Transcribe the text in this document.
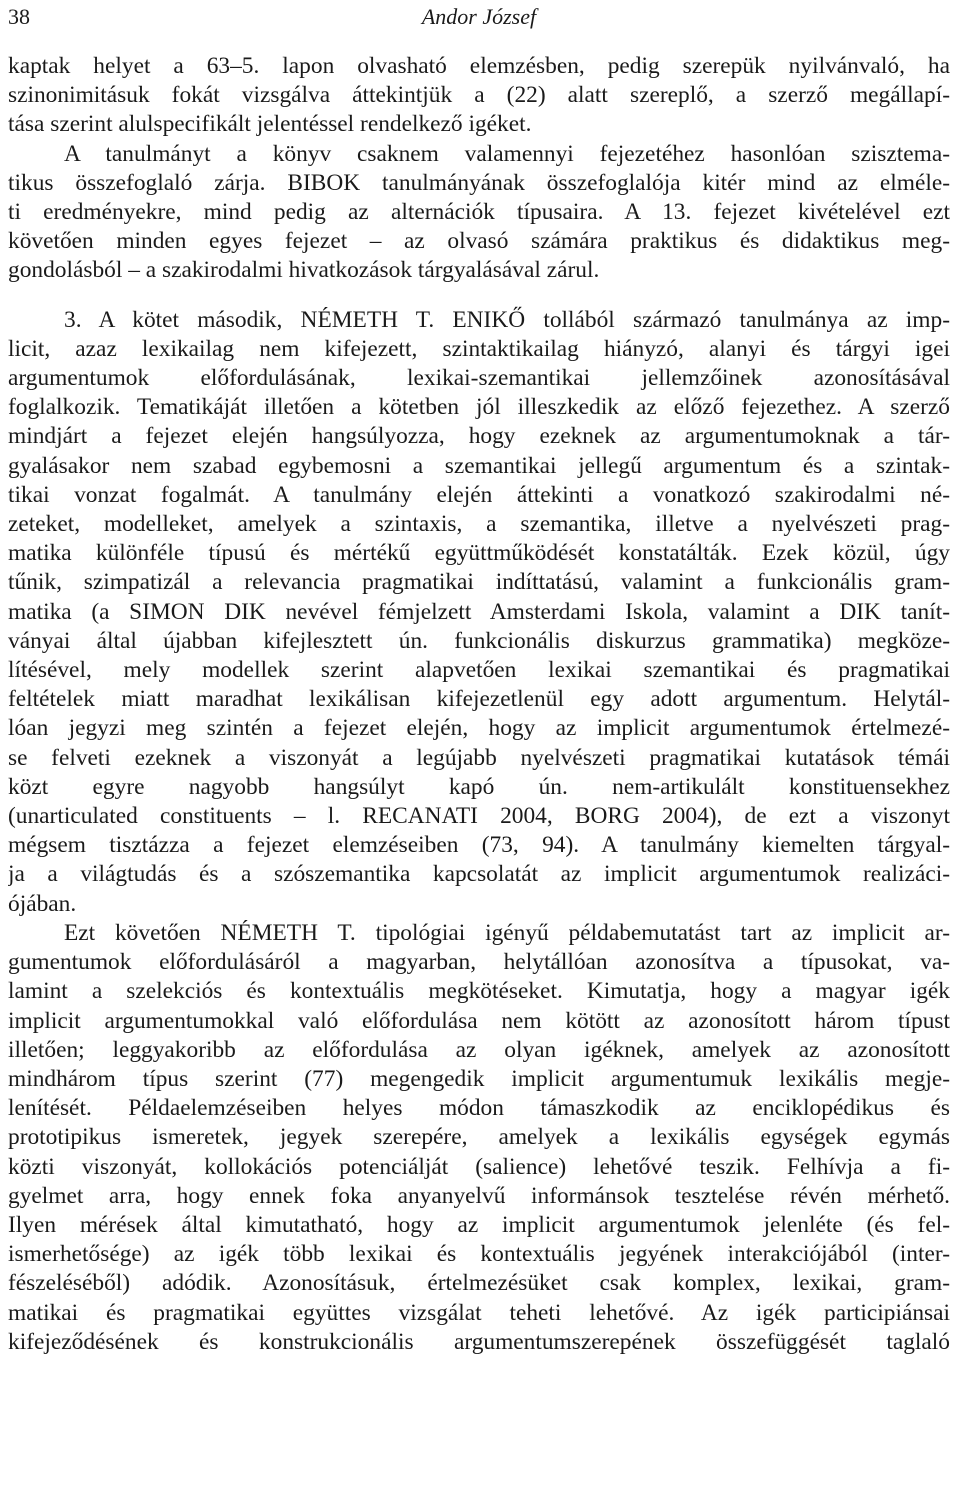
38	Andor József
kaptak helyet a 63–5. lapon olvasható elemzésben, pedig szerepük nyilvánvaló, ha
szinonimitásuk fokát vizsgálva áttekintjük a (22) alatt szereplő, a szerző megállapí-
tása szerint alulspecifikált jelentéssel rendelkező igéket.
A tanulmányt a könyv csaknem valamennyi fejezetéhez hasonlóan szisztema-
tikus összefoglaló zárja. BIBOK tanulmányának összefoglalója kitér mind az elméle-
ti eredményekre, mind pedig az alternációk típusaira. A 13. fejezet kivételével ezt
követően minden egyes fejezet – az olvasó számára praktikus és didaktikus meg-
gondolásból – a szakirodalmi hivatkozások tárgyalásával zárul.
3. A kötet második, NÉMETH T. ENIKŐ tollából származó tanulmánya az imp-
licit, azaz lexikailag nem kifejezett, szintaktikailag hiányzó, alanyi és tárgyi igei
argumentumok előfordulásának, lexikai-szemantikai jellemzőinek azonosításával
foglalkozik. Tematikáját illetően a kötetben jól illeszkedik az előző fejezethez. A szerző
mindjárt a fejezet elején hangsúlyozza, hogy ezeknek az argumentumoknak a tár-
gyalásakor nem szabad egybemosni a szemantikai jellegű argumentum és a szintak-
tikai vonzat fogalmát. A tanulmány elején áttekinti a vonatkozó szakirodalmi né-
zeteket, modelleket, amelyek a szintaxis, a szemantika, illetve a nyelvészeti prag-
matika különféle típusú és mértékű együttműködését konstatálták. Ezek közül, úgy
tűnik, szimpatizál a relevancia pragmatikai indíttatású, valamint a funkcionális gram-
matika (a SIMON DIK nevével fémjelzett Amsterdami Iskola, valamint a DIK tanít-
ványai által újabban kifejlesztett ún. funkcionális diskurzus grammatika) megköze-
lítésével, mely modellek szerint alapvetően lexikai szemantikai és pragmatikai
feltételek miatt maradhat lexikálisan kifejezetlenül egy adott argumentum. Helytál-
lóan jegyzi meg szintén a fejezet elején, hogy az implicit argumentumok értelmezé-
se felveti ezeknek a viszonyát a legújabb nyelvészeti pragmatikai kutatások témái
közt egyre nagyobb hangsúlyt kapó ún. nem-artikulált konstituensekhez
(unarticulated constituents – l. RECANATI 2004, BORG 2004), de ezt a viszonyt
mégsem tisztázza a fejezet elemzéseiben (73, 94). A tanulmány kiemelten tárgyal-
ja a világtudás és a szószemantika kapcsolatát az implicit argumentumok realizáci-
ójában.
Ezt követően NÉMETH T. tipológiai igényű példabemutatást tart az implicit ar-
gumentumok előfordulásáról a magyarban, helytállóan azonosítva a típusokat, va-
lamint a szelekciós és kontextuális megkötéseket. Kimutatja, hogy a magyar igék
implicit argumentumokkal való előfordulása nem kötött az azonosított három típust
illetően; leggyakoribb az előfordulása az olyan igéknek, amelyek az azonosított
mindhárom típus szerint (77) megengedik implicit argumentumuk lexikális megje-
lenítését. Példaelemzéseiben helyes módon támaszkodik az enciklopédikus és
prototipikus ismeretek, jegyek szerepére, amelyek a lexikális egységek egymás
közti viszonyát, kollokációs potenciálját (salience) lehetővé teszik. Felhívja a fi-
gyelmet arra, hogy ennek foka anyanyelvű informánsok tesztelése révén mérhető.
Ilyen mérések által kimutatható, hogy az implicit argumentumok jelenléte (és fel-
ismerhetősége) az igék több lexikai és kontextuális jegyének interakciójából (inter-
fészeléséből) adódik. Azonosításuk, értelmezésüket csak komplex, lexikai, gram-
matikai és pragmatikai együttes vizsgálat teheti lehetővé. Az igék participiánsai
kifejeződésének és konstrukcionális argumentumszerepének összefüggését taglaló
